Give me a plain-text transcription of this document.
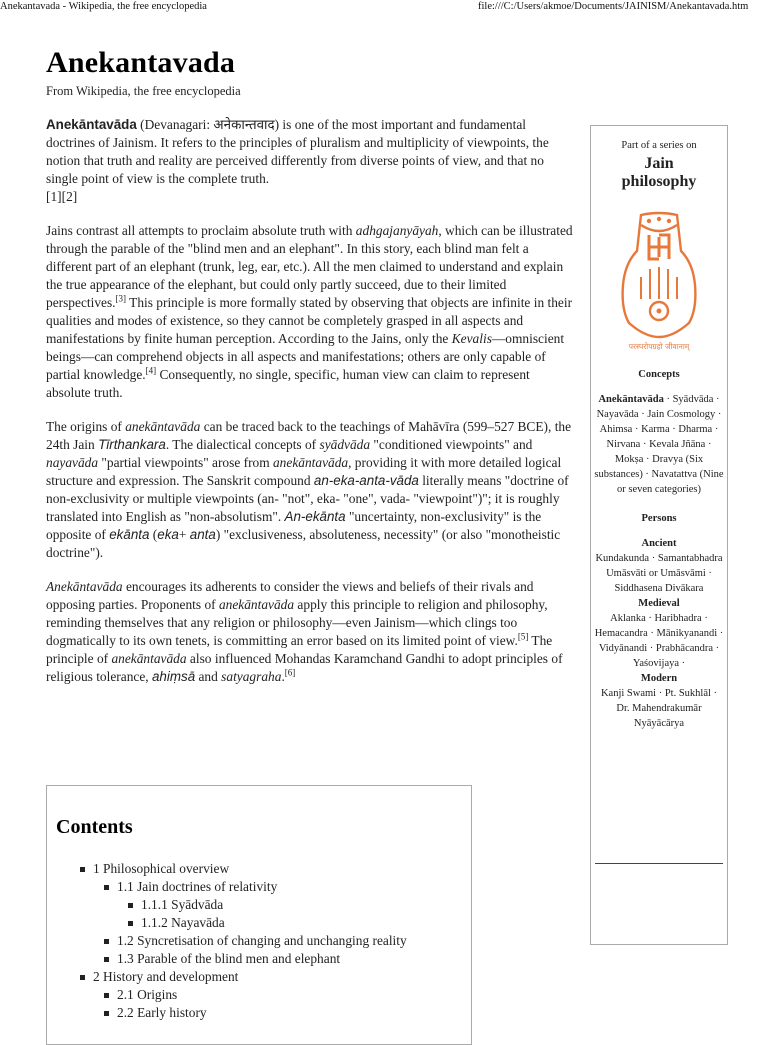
Anekantavada - Wikipedia, the free encyclopedia	file:///C:/Users/akmoe/Documents/JAINISM/Anekantavada.htm
Anekantavada
From Wikipedia, the free encyclopedia

Anekāntavāda (Devanagari: अनेकान्तवाद) is one of the most important and fundamental doctrines of Jainism. It refers to the principles of pluralism and multiplicity of viewpoints, the notion that truth and reality are perceived differently from diverse points of view, and that no single point of view is the complete truth.
[1][2]

Jains contrast all attempts to proclaim absolute truth with adhgajanyāyah, which can be illustrated through the parable of the "blind men and an elephant". In this story, each blind man felt a different part of an elephant (trunk, leg, ear, etc.). All the men claimed to understand and explain the true appearance of the elephant, but could only partly succeed, due to their limited perspectives.[3] This principle is more formally stated by observing that objects are infinite in their qualities and modes of existence, so they cannot be completely grasped in all aspects and manifestations by finite human perception. According to the Jains, only the Kevalis—omniscient beings—can comprehend objects in all aspects and manifestations; others are only capable of partial knowledge.[4] Consequently, no single, specific, human view can claim to represent absolute truth.

The origins of anekāntavāda can be traced back to the teachings of Mahāvīra (599–527 BCE), the 24th Jain Tīrthankara. The dialectical concepts of syādvāda "conditioned viewpoints" and nayavāda "partial viewpoints" arose from anekāntavāda, providing it with more detailed logical structure and expression. The Sanskrit compound an-eka-anta-vāda literally means "doctrine of non-exclusivity or multiple viewpoints (an- "not", eka- "one", vada- "viewpoint")"; it is roughly translated into English as "non-absolutism". An-ekānta "uncertainty, non-exclusivity" is the opposite of ekānta (eka+ anta) "exclusiveness, absoluteness, necessity" (or also "monotheistic doctrine").

Anekāntavāda encourages its adherents to consider the views and beliefs of their rivals and opposing parties. Proponents of anekāntavāda apply this principle to religion and philosophy, reminding themselves that any religion or philosophy—even Jainism—which clings too dogmatically to its own tenets, is committing an error based on its limited point of view.[5] The principle of anekāntavāda also influenced Mohandas Karamchand Gandhi to adopt principles of religious tolerance, ahiṃsā and satyagraha.[6]

Part of a series on
Jain
philosophy
परस्परोपग्रहो जीवानाम्
Concepts
Anekāntavāda · Syādvāda · Nayavāda · Jain Cosmology · Ahimsa · Karma · Dharma · Nirvana · Kevala Jñāna · Mokṣa · Dravya (Six substances) · Navatattva (Nine or seven categories)
Persons
Ancient
Kundakunda · Samantabhadra Umāsvāti or Umāsvāmi · Siddhasena Divākara
Medieval
Aklanka · Haribhadra · Hemacandra · Mānikyanandi · Vidyānandi · Prabhācandra · Yaśovijaya ·
Modern
Kanji Swami · Pt. Sukhlāl · Dr. Mahendrakumār Nyāyācārya
Contents
1 Philosophical overview
1.1 Jain doctrines of relativity
1.1.1 Syādvāda
1.1.2 Nayavāda
1.2 Syncretisation of changing and unchanging reality
1.3 Parable of the blind men and elephant
2 History and development
2.1 Origins
2.2 Early history
